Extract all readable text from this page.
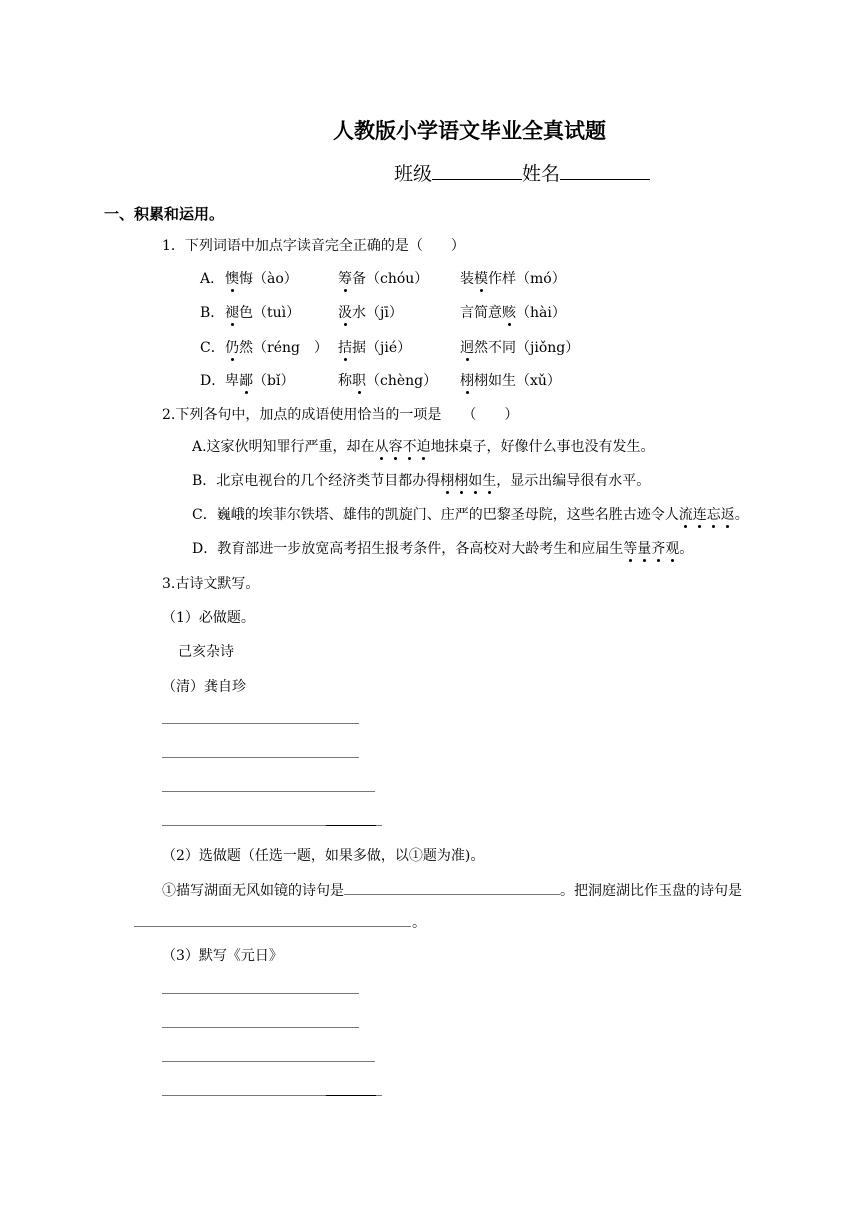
人教版小学语文毕业全真试题
班级	姓名
一、积累和运用。
1．下列词语中加点字读音完全正确的是（　　）
A． 懊悔（ào）	筹备（chóu） 装模作样（mó）
B． 褪色（tuì）	汲水（jī）	言简意赅（hài）
C． 仍然（réng　） 拮据（jié）	迥然不同（jiǒng）
D． 卑鄙（bǐ）	称职（chèng） 栩栩如生（xǔ）
2.下列各句中，加点的成语使用恰当的一项是　　（　　）
A.这家伙明知罪行严重，却在从容不迫地抹桌子，好像什么事也没有发生。
B．北京电视台的几个经济类节目都办得栩栩如生，显示出编导很有水平。
C．巍峨的埃菲尔铁塔、雄伟的凯旋门、庄严的巴黎圣母院，这些名胜古迹令人流连忘返。
D．教育部进一步放宽高考招生报考条件，各高校对大龄考生和应届生等量齐观。
3.古诗文默写。
（1）必做题。
己亥杂诗
（清）龚自珍
（2）选做题（任选一题，如果多做，以①题为准)。
①描写湖面无风如镜的诗句是	。把洞庭湖比作玉盘的诗句是
。
（3）默写《元日》
